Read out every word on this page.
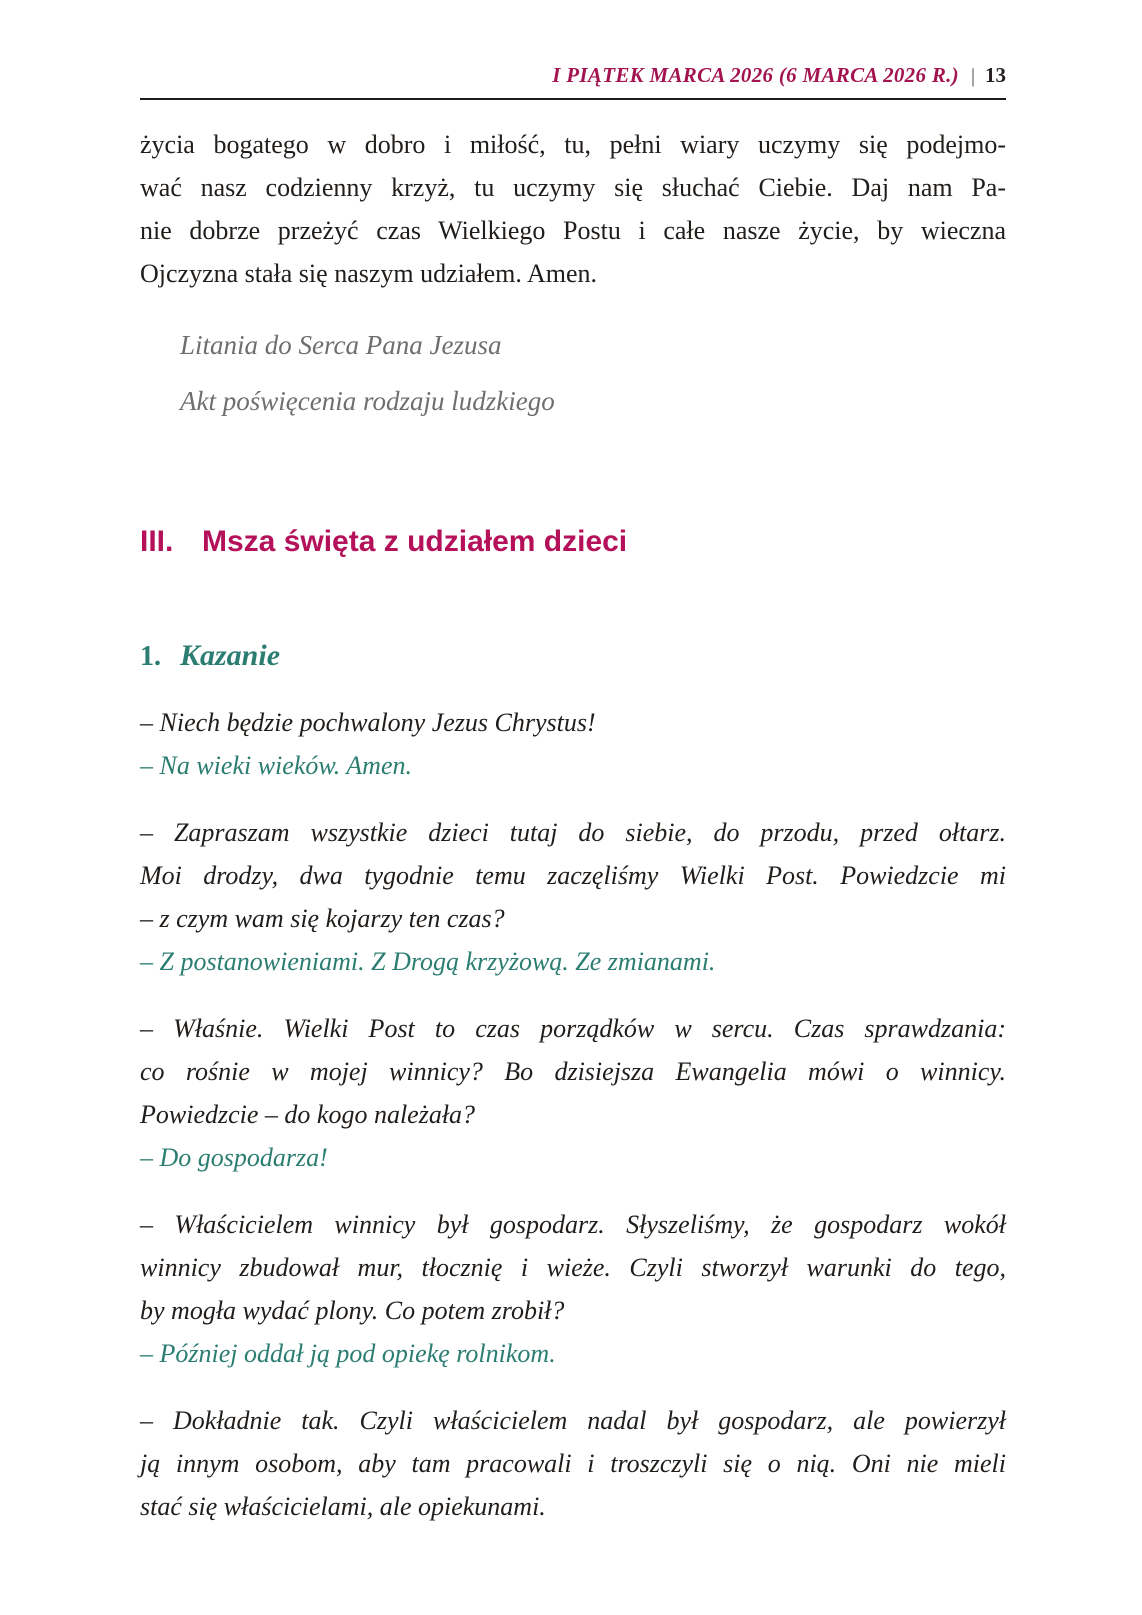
I PIĄTEK MARCA 2026 (6 MARCA 2026 R.) | 13
życia bogatego w dobro i miłość, tu, pełni wiary uczymy się podejmo-
wać nasz codzienny krzyż, tu uczymy się słuchać Ciebie. Daj nam Pa-
nie dobrze przeżyć czas Wielkiego Postu i całe nasze życie, by wieczna
Ojczyzna stała się naszym udziałem. Amen.
Litania do Serca Pana Jezusa
Akt poświęcenia rodzaju ludzkiego
III. Msza święta z udziałem dzieci
1. Kazanie
– Niech będzie pochwalony Jezus Chrystus!
– Na wieki wieków. Amen.
– Zapraszam wszystkie dzieci tutaj do siebie, do przodu, przed ołtarz.
Moi drodzy, dwa tygodnie temu zaczęliśmy Wielki Post. Powiedzcie mi
– z czym wam się kojarzy ten czas?
– Z postanowieniami. Z Drogą krzyżową. Ze zmianami.
– Właśnie. Wielki Post to czas porządków w sercu. Czas sprawdzania:
co rośnie w mojej winnicy? Bo dzisiejsza Ewangelia mówi o winnicy.
Powiedzcie – do kogo należała?
– Do gospodarza!
– Właścicielem winnicy był gospodarz. Słyszeliśmy, że gospodarz wokół
winnicy zbudował mur, tłocznię i wieże. Czyli stworzył warunki do tego,
by mogła wydać plony. Co potem zrobił?
– Później oddał ją pod opiekę rolnikom.
– Dokładnie tak. Czyli właścicielem nadal był gospodarz, ale powierzył
ją innym osobom, aby tam pracowali i troszczyli się o nią. Oni nie mieli
stać się właścicielami, ale opiekunami.
